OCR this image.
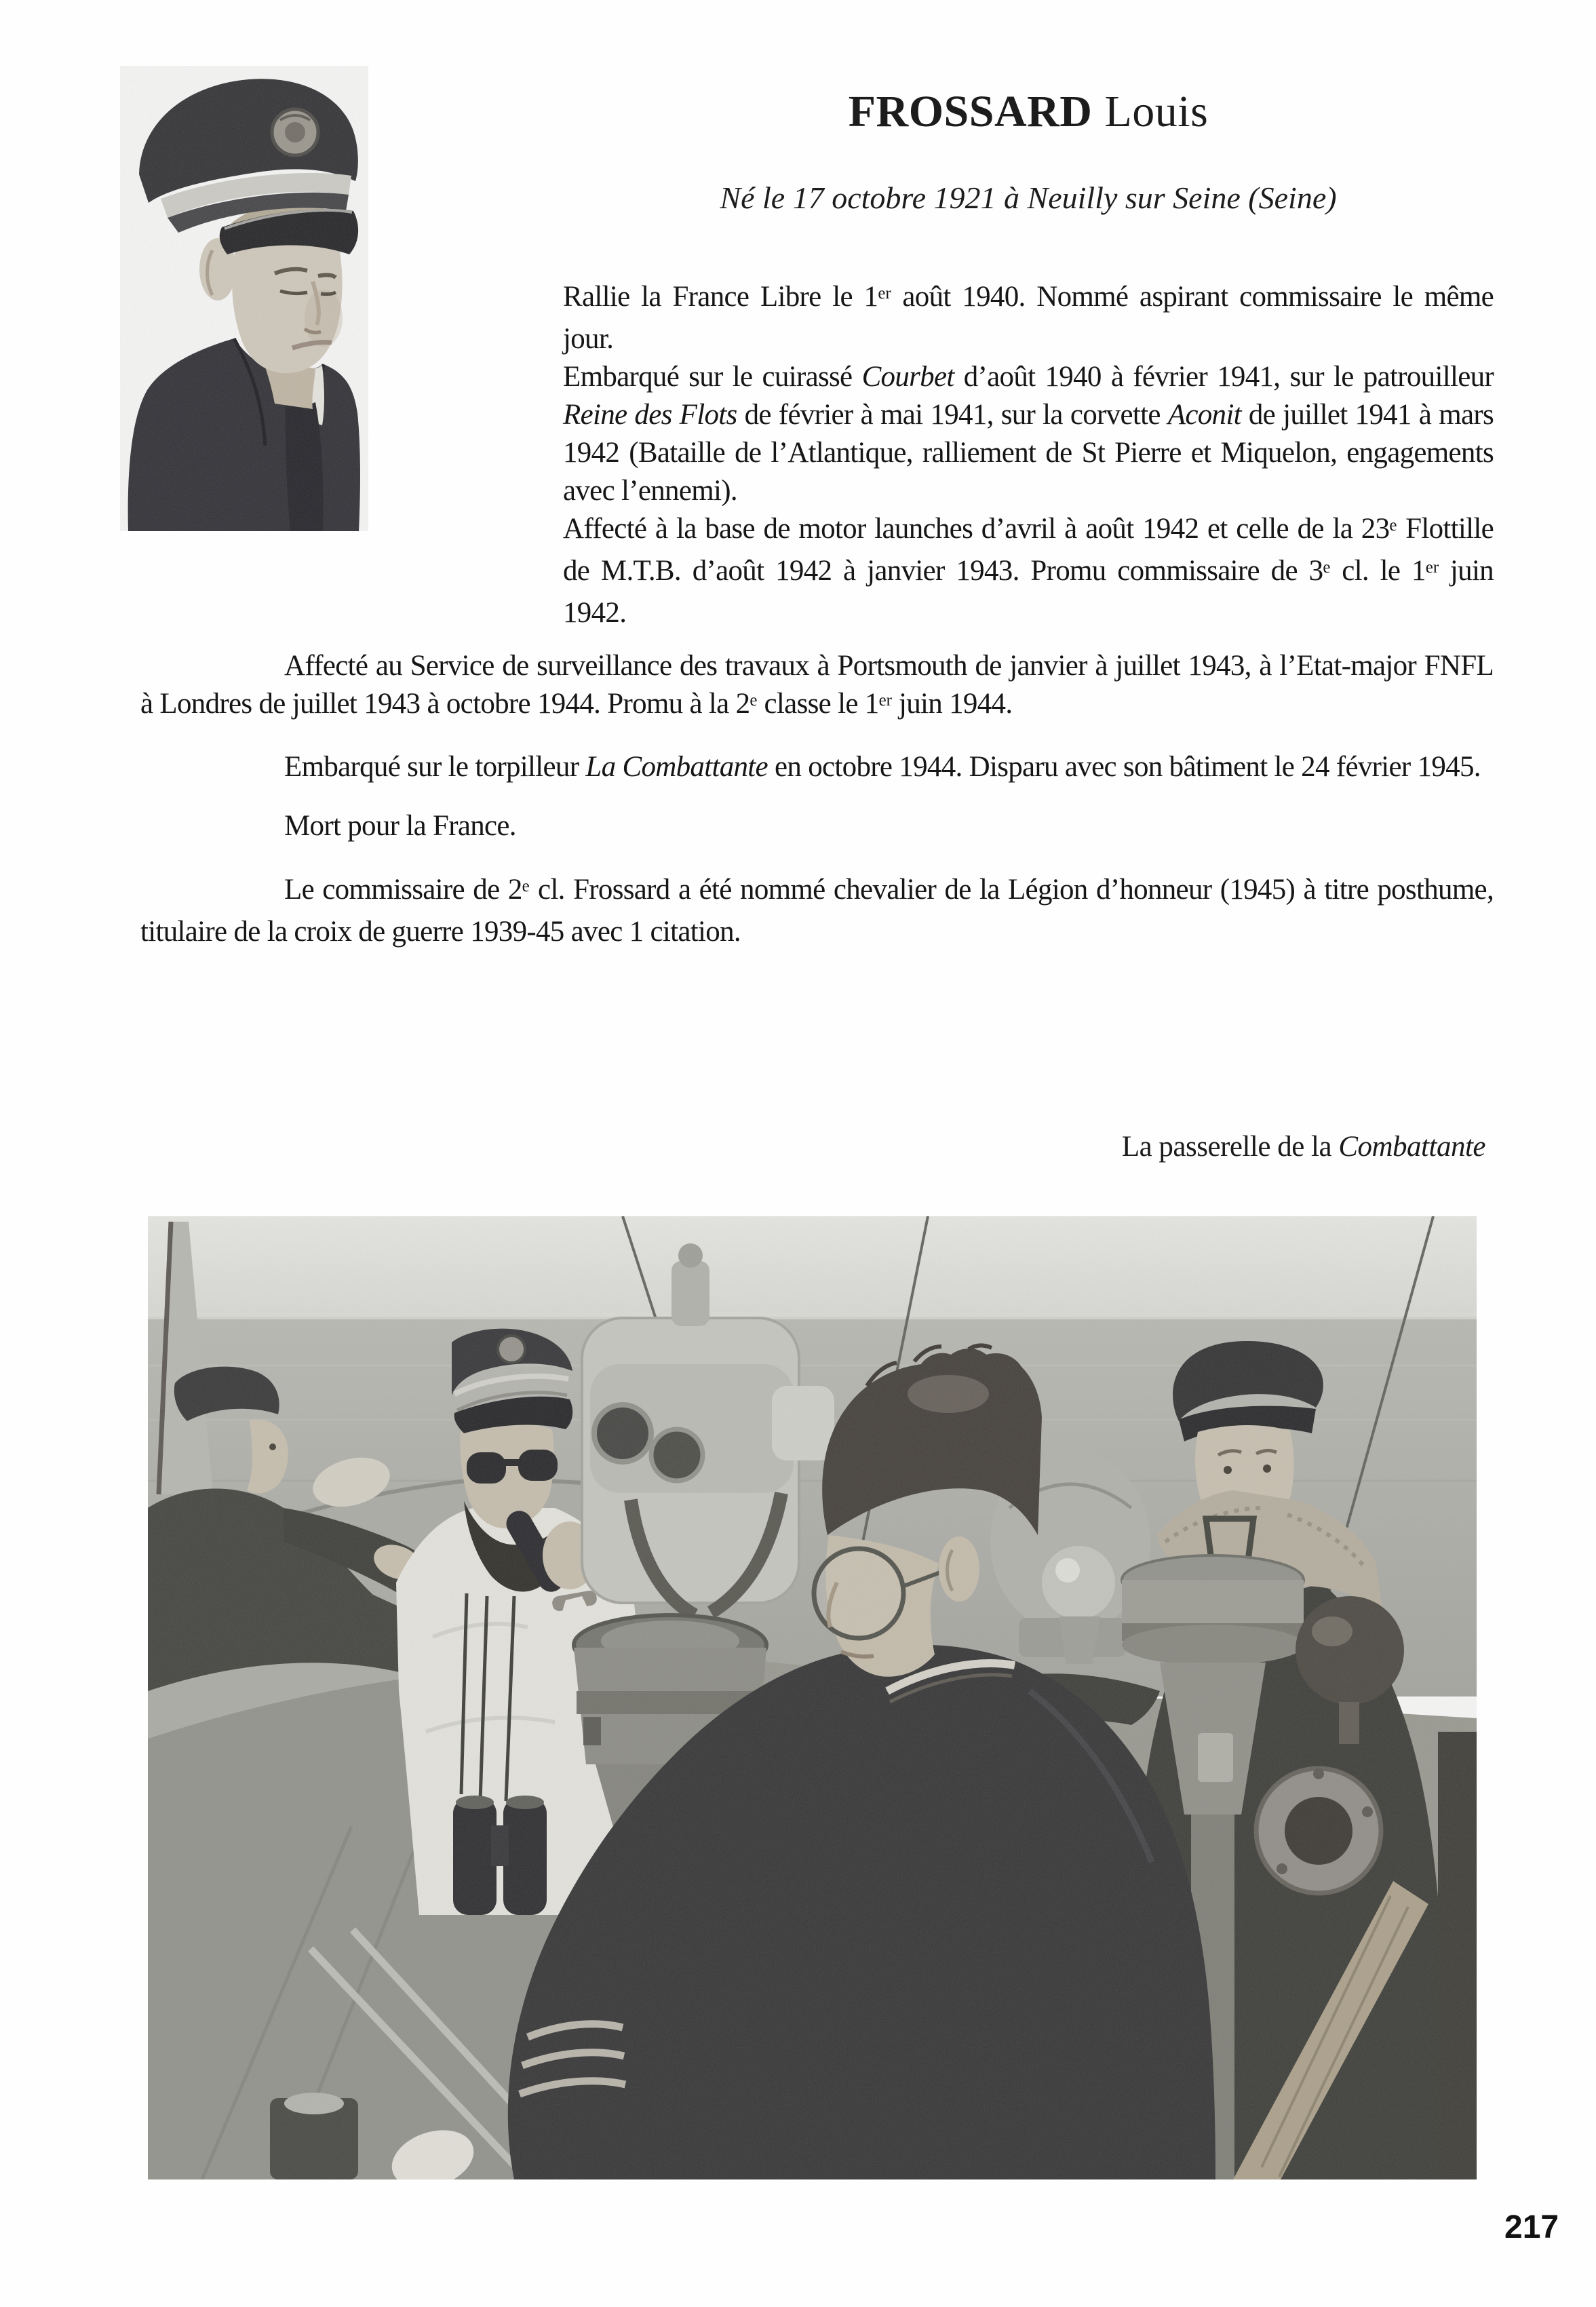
FROSSARD Louis
Né le 17 octobre 1921 à Neuilly sur Seine (Seine)

Rallie la France Libre le 1er août 1940. Nommé aspirant commissaire le même jour.

Embarqué sur le cuirassé Courbet d’août 1940 à février 1941, sur le patrouilleur Reine des Flots de février à mai 1941, sur la corvette Aconit de juillet 1941 à mars 1942 (Bataille de l’Atlantique, ralliement de St Pierre et Miquelon, engagements avec l’ennemi).

Affecté à la base de motor launches d’avril à août 1942 et celle de la 23e Flottille de M.T.B. d’août 1942 à janvier 1943. Promu commissaire de 3e cl. le 1er juin 1942.

Affecté au Service de surveillance des travaux à Portsmouth de janvier à juillet 1943, à l’Etat-major FNFL à Londres de juillet 1943 à octobre 1944. Promu à la 2e classe le 1er juin 1944.

Embarqué sur le torpilleur La Combattante en octobre 1944. Disparu avec son bâtiment le 24 février 1945.

Mort pour la France.

Le commissaire de 2e cl. Frossard a été nommé chevalier de la Légion d’honneur (1945) à titre posthume, titulaire de la croix de guerre 1939-45 avec 1 citation.

La passerelle de la Combattante
217
